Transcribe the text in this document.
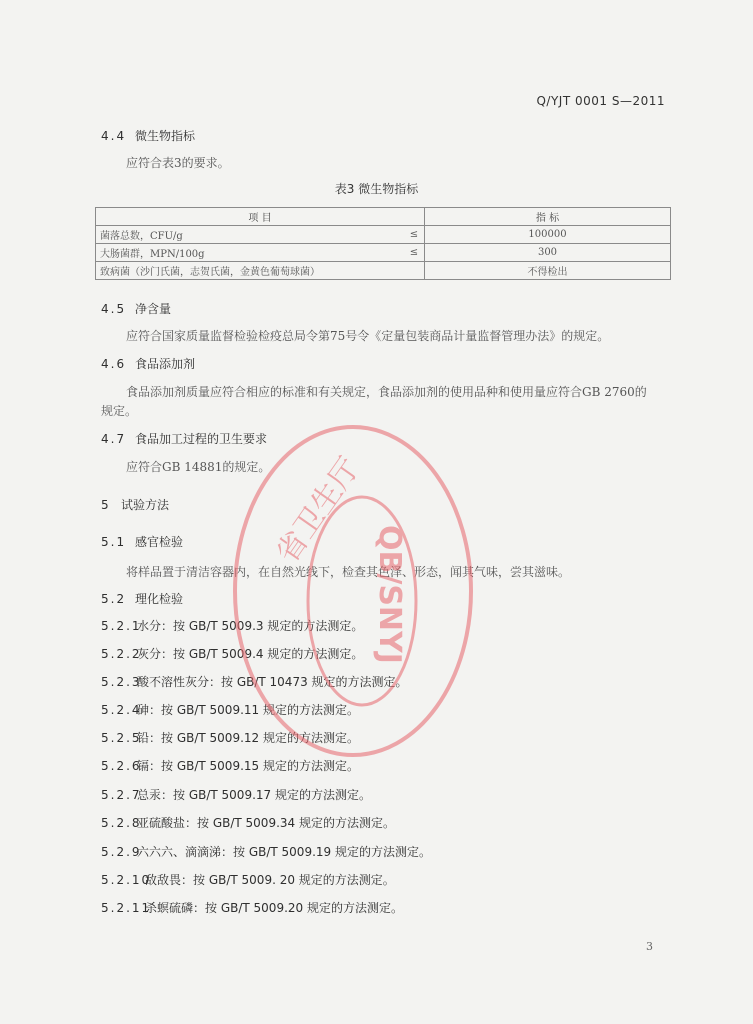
Q/YJT 0001 S—2011
4.4 微生物指标
应符合表3的要求。
表3 微生物指标
项 目		指 标
菌落总数，CFU/g	≤	100000
大肠菌群，MPN/100g	≤	300
致病菌（沙门氏菌，志贺氏菌，金黄色葡萄球菌）		不得检出
4.5 净含量
应符合国家质量监督检验检疫总局令第75号令《定量包装商品计量监督管理办法》的规定。
4.6 食品添加剂
食品添加剂质量应符合相应的标准和有关规定，食品添加剂的使用品种和使用量应符合GB 2760的
规定。
4.7 食品加工过程的卫生要求
应符合GB 14881的规定。
5 试验方法
5.1 感官检验
将样品置于清洁容器内，在自然光线下，检查其色泽、形态，闻其气味，尝其滋味。
5.2 理化检验
5.2.1水分：按 GB/T 5009.3 规定的方法测定。
5.2.2灰分：按 GB/T 5009.4 规定的方法测定。
5.2.3酸不溶性灰分：按 GB/T 10473 规定的方法测定。
5.2.4砷：按 GB/T 5009.11 规定的方法测定。
5.2.5铅：按 GB/T 5009.12 规定的方法测定。
5.2.6镉：按 GB/T 5009.15 规定的方法测定。
5.2.7总汞：按 GB/T 5009.17 规定的方法测定。
5.2.8亚硫酸盐：按 GB/T 5009.34 规定的方法测定。
5.2.9六六六、滴滴涕：按 GB/T 5009.19 规定的方法测定。
5.2.10敌敌畏：按 GB/T 5009. 20 规定的方法测定。
5.2.11杀螟硫磷：按 GB/T 5009.20 规定的方法测定。
省卫生厅
QB/SNYJ
3
